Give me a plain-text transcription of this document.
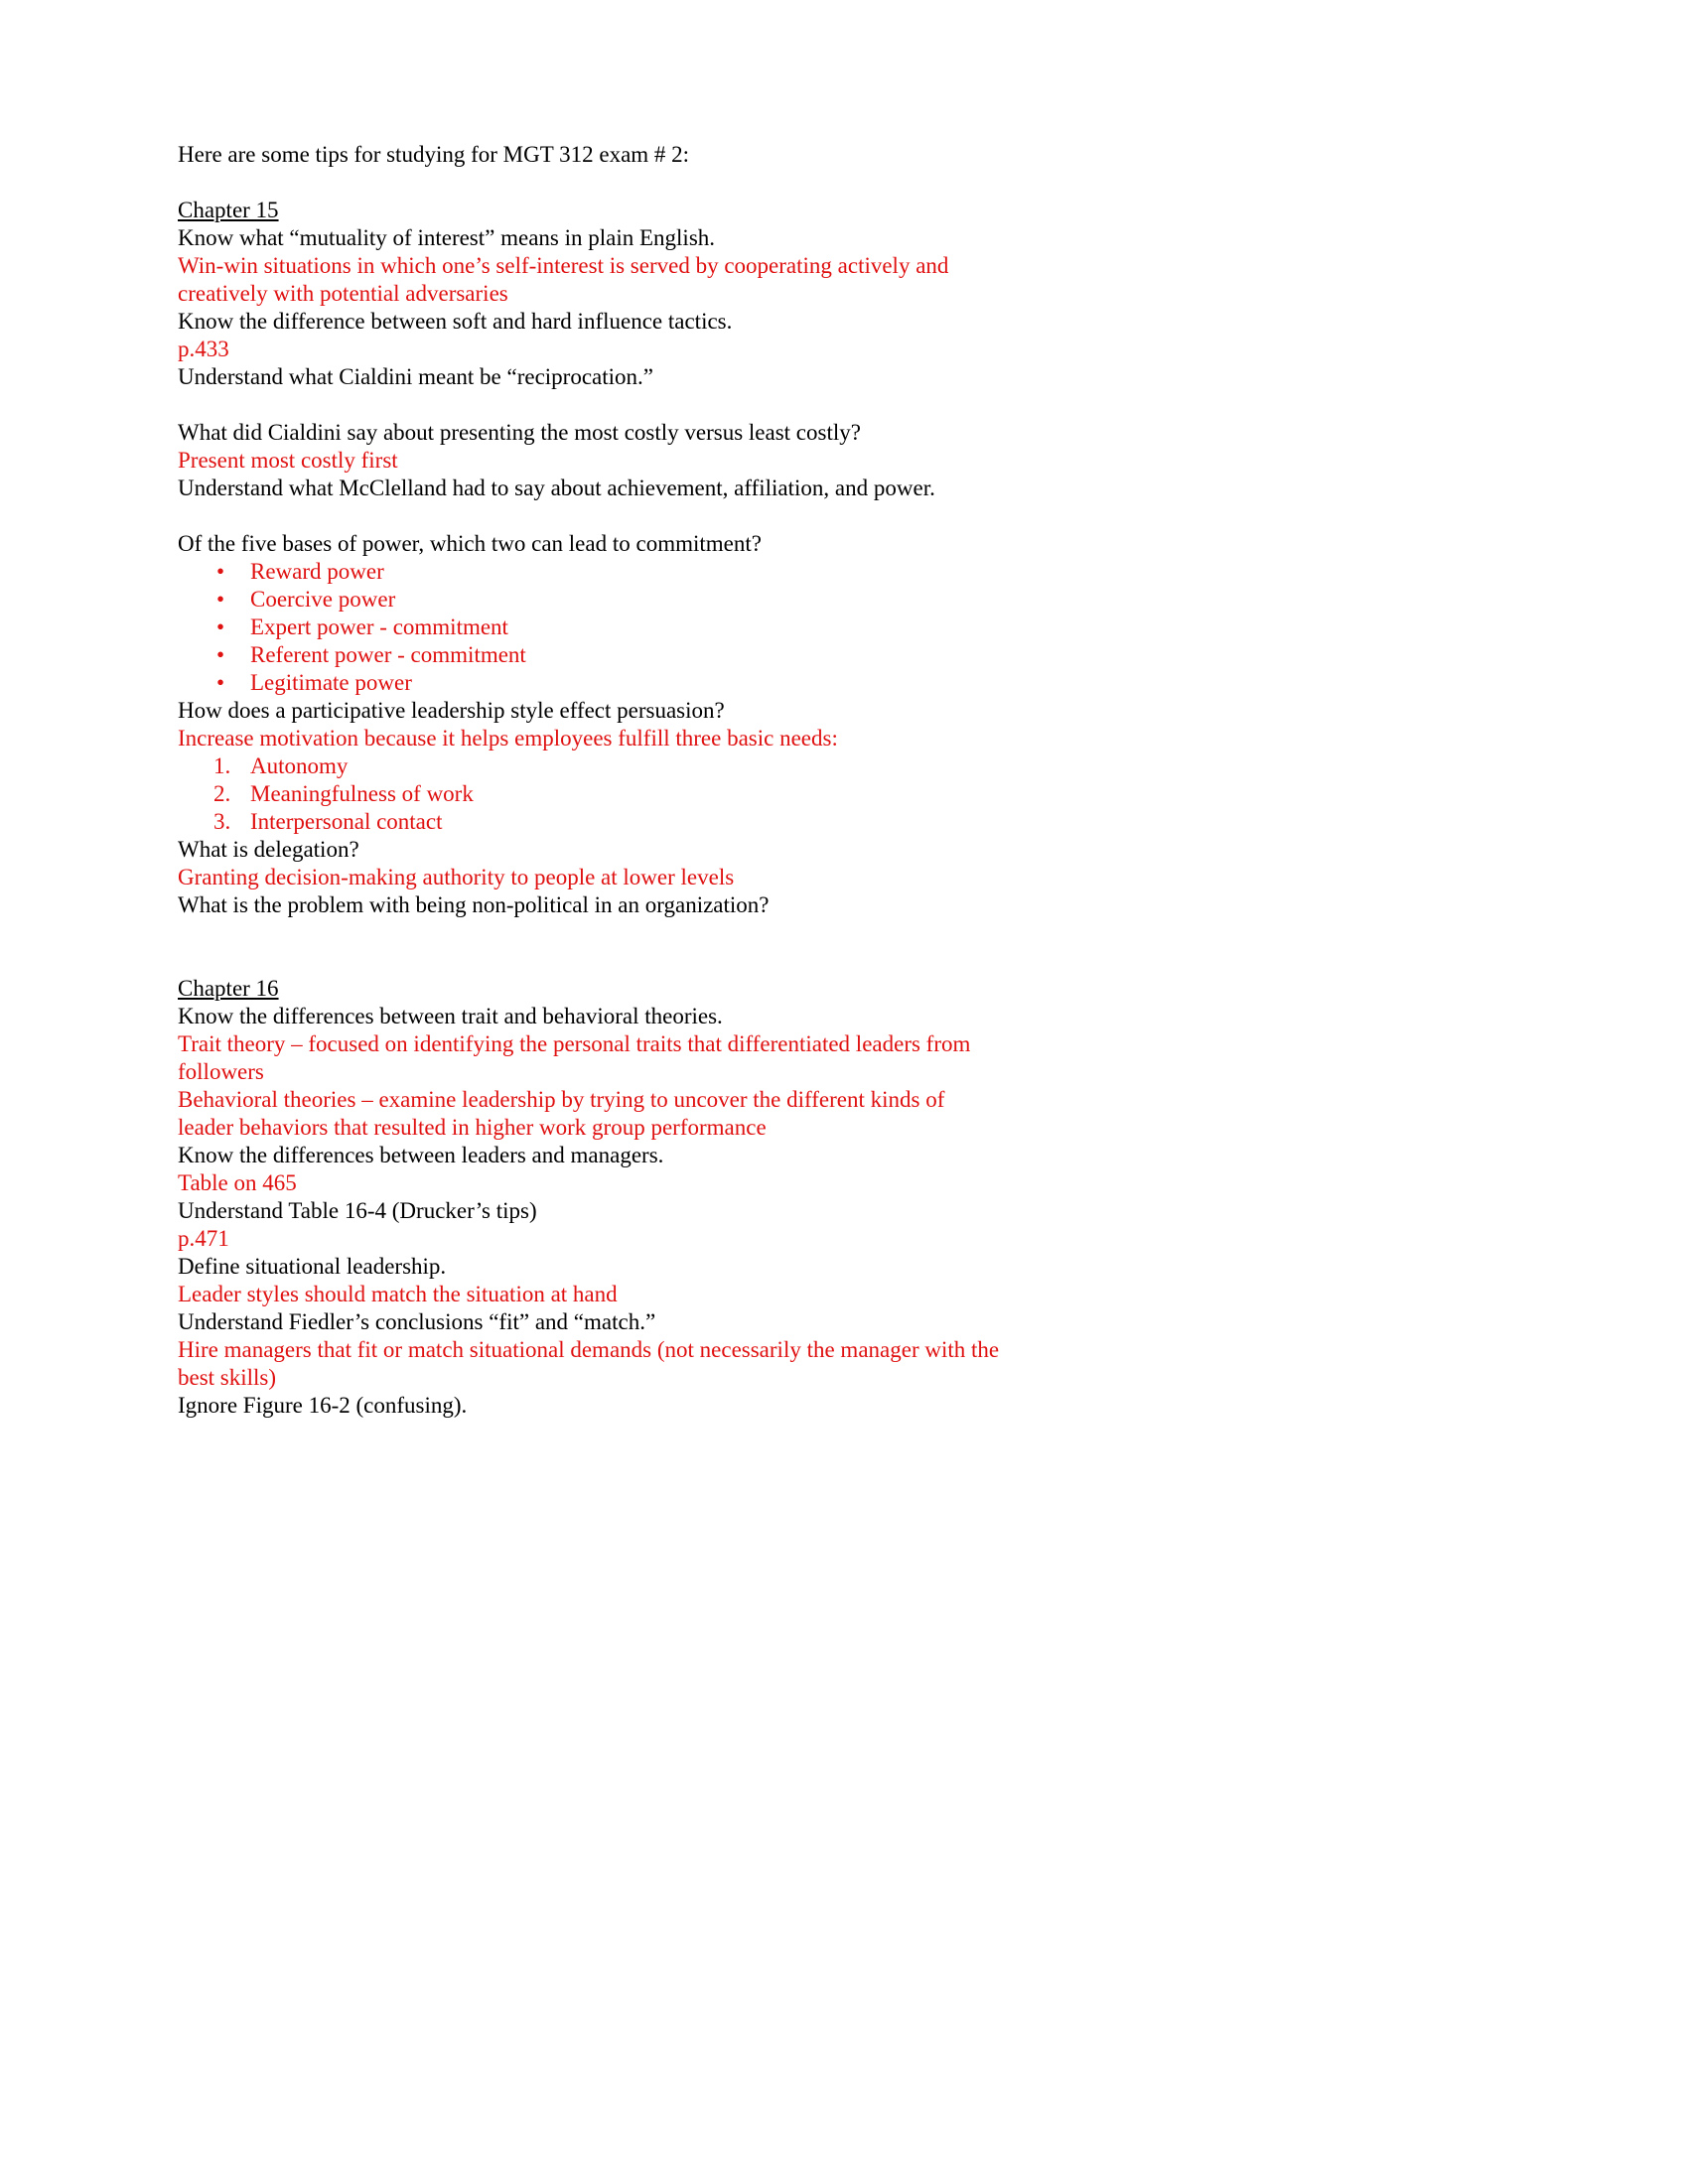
Here are some tips for studying for MGT 312 exam # 2:
Chapter 15
Know what “mutuality of interest” means in plain English.
Win-win situations in which one’s self-interest is served by cooperating actively and
creatively with potential adversaries
Know the difference between soft and hard influence tactics.
p.433
Understand what Cialdini meant be “reciprocation.”
What did Cialdini say about presenting the most costly versus least costly?
Present most costly first
Understand what McClelland had to say about achievement, affiliation, and power.
Of the five bases of power, which two can lead to commitment?
•	Reward power
•	Coercive power
•	Expert power - commitment
•	Referent power - commitment
•	Legitimate power
How does a participative leadership style effect persuasion?
Increase motivation because it helps employees fulfill three basic needs:
1. Autonomy
2. Meaningfulness of work
3. Interpersonal contact
What is delegation?
Granting decision-making authority to people at lower levels
What is the problem with being non-political in an organization?
Chapter 16
Know the differences between trait and behavioral theories.
Trait theory – focused on identifying the personal traits that differentiated leaders from
followers
Behavioral theories – examine leadership by trying to uncover the different kinds of
leader behaviors that resulted in higher work group performance
Know the differences between leaders and managers.
Table on 465
Understand Table 16-4 (Drucker’s tips)
p.471
Define situational leadership.
Leader styles should match the situation at hand
Understand Fiedler’s conclusions “fit” and “match.”
Hire managers that fit or match situational demands (not necessarily the manager with the
best skills)
Ignore Figure 16-2 (confusing).
